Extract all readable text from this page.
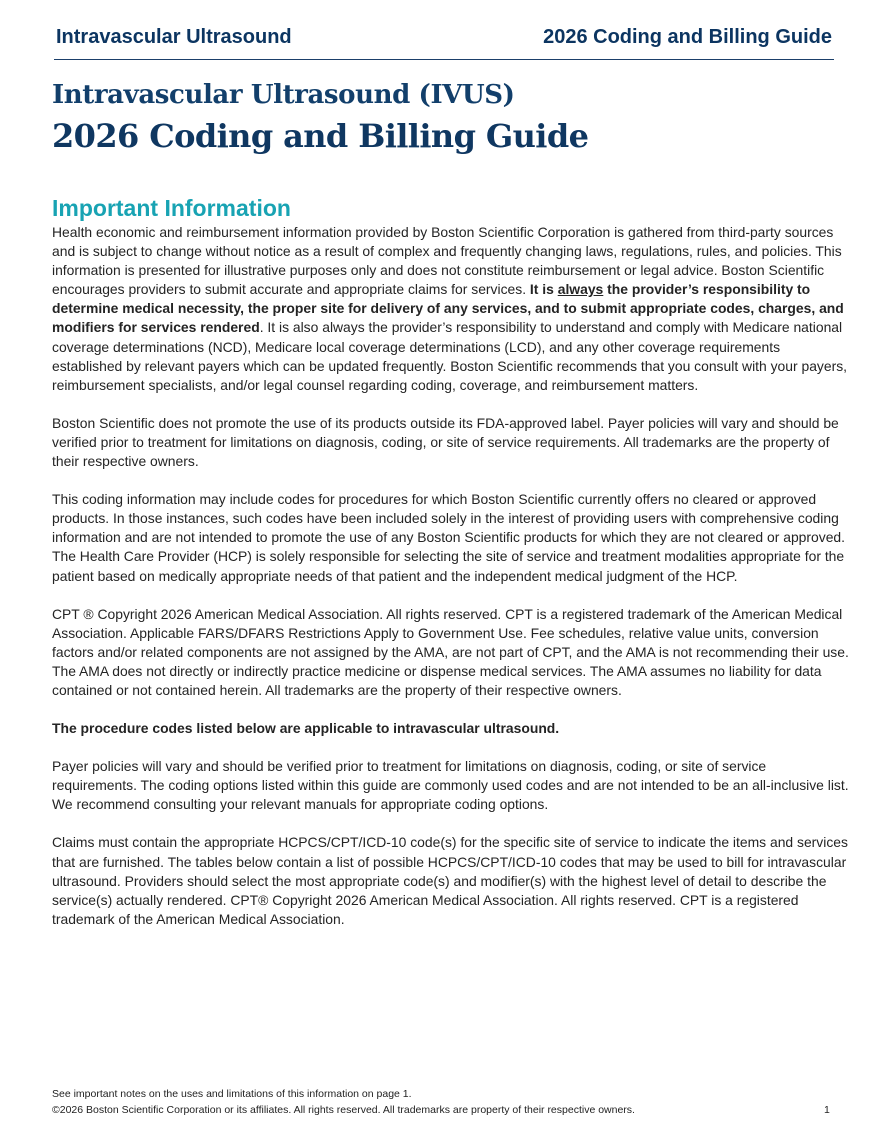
Intravascular Ultrasound	2026 Coding and Billing Guide
Intravascular Ultrasound (IVUS)
2026 Coding and Billing Guide
Important Information

Health economic and reimbursement information provided by Boston Scientific Corporation is gathered from third-party sources and is subject to change without notice as a result of complex and frequently changing laws, regulations, rules, and policies. This information is presented for illustrative purposes only and does not constitute reimbursement or legal advice. Boston Scientific encourages providers to submit accurate and appropriate claims for services. It is always the provider’s responsibility to determine medical necessity, the proper site for delivery of any services, and to submit appropriate codes, charges, and modifiers for services rendered. It is also always the provider’s responsibility to understand and comply with Medicare national coverage determinations (NCD), Medicare local coverage determinations (LCD), and any other coverage requirements established by relevant payers which can be updated frequently. Boston Scientific recommends that you consult with your payers, reimbursement specialists, and/or legal counsel regarding coding, coverage, and reimbursement matters.

Boston Scientific does not promote the use of its products outside its FDA-approved label. Payer policies will vary and should be verified prior to treatment for limitations on diagnosis, coding, or site of service requirements. All trademarks are the property of their respective owners.

This coding information may include codes for procedures for which Boston Scientific currently offers no cleared or approved products. In those instances, such codes have been included solely in the interest of providing users with comprehensive coding information and are not intended to promote the use of any Boston Scientific products for which they are not cleared or approved. The Health Care Provider (HCP) is solely responsible for selecting the site of service and treatment modalities appropriate for the patient based on medically appropriate needs of that patient and the independent medical judgment of the HCP.

CPT ® Copyright 2026 American Medical Association. All rights reserved. CPT is a registered trademark of the American Medical Association. Applicable FARS/DFARS Restrictions Apply to Government Use. Fee schedules, relative value units, conversion factors and/or related components are not assigned by the AMA, are not part of CPT, and the AMA is not recommending their use. The AMA does not directly or indirectly practice medicine or dispense medical services. The AMA assumes no liability for data contained or not contained herein. All trademarks are the property of their respective owners.

The procedure codes listed below are applicable to intravascular ultrasound.

Payer policies will vary and should be verified prior to treatment for limitations on diagnosis, coding, or site of service requirements. The coding options listed within this guide are commonly used codes and are not intended to be an all-inclusive list. We recommend consulting your relevant manuals for appropriate coding options.

Claims must contain the appropriate HCPCS/CPT/ICD-10 code(s) for the specific site of service to indicate the items and services that are furnished. The tables below contain a list of possible HCPCS/CPT/ICD-10 codes that may be used to bill for intravascular ultrasound. Providers should select the most appropriate code(s) and modifier(s) with the highest level of detail to describe the service(s) actually rendered. CPT® Copyright 2026 American Medical Association. All rights reserved. CPT is a registered trademark of the American Medical Association.

See important notes on the uses and limitations of this information on page 1.
©2026 Boston Scientific Corporation or its affiliates. All rights reserved. All trademarks are property of their respective owners.	1
